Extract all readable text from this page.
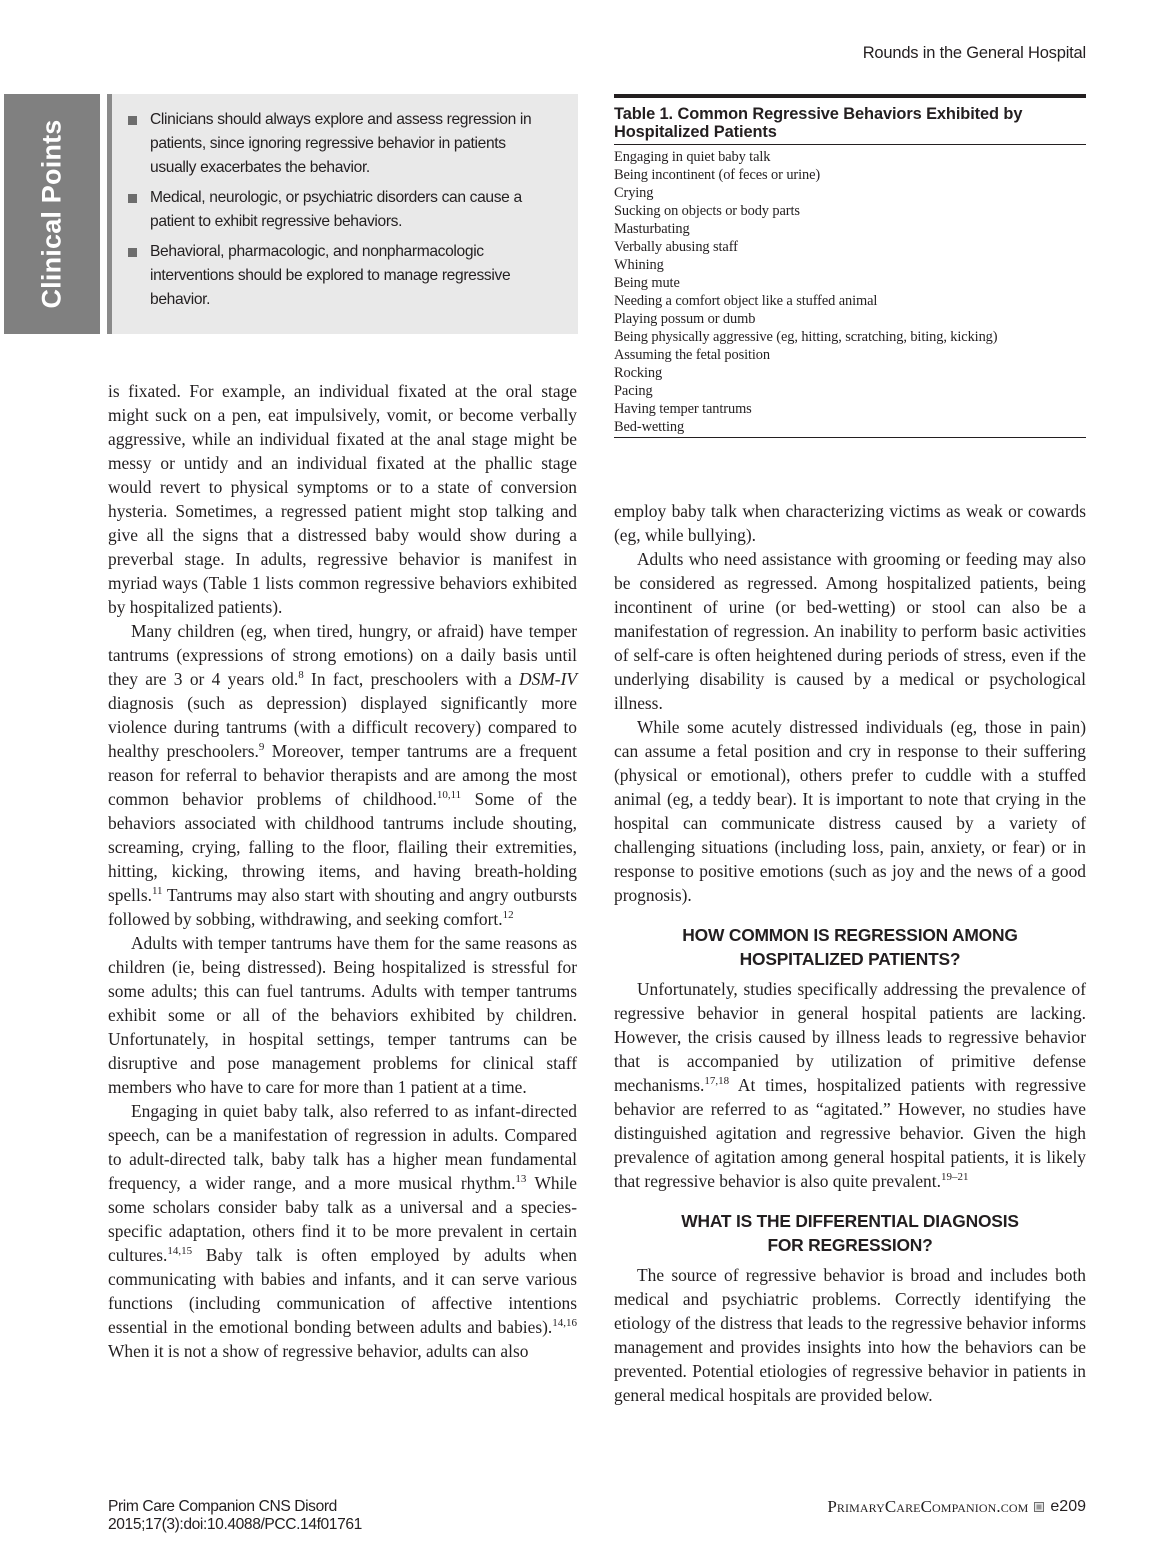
Rounds in the General Hospital
Clinical Points	Clinicians should always explore and assess regression in patients, since ignoring regressive behavior in patients usually exacerbates the behavior.
Medical, neurologic, or psychiatric disorders can cause a patient to exhibit regressive behaviors.
Behavioral, pharmacologic, and nonpharmacologic interventions should be explored to manage regressive behavior.
Table 1. Common Regressive Behaviors Exhibited by Hospitalized Patients
Engaging in quiet baby talk
Being incontinent (of feces or urine)
Crying
Sucking on objects or body parts
Masturbating
Verbally abusing staff
Whining
Being mute
Needing a comfort object like a stuffed animal
Playing possum or dumb
Being physically aggressive (eg, hitting, scratching, biting, kicking)
Assuming the fetal position
Rocking
Pacing
Having temper tantrums
Bed-wetting

is fixated. For example, an individual fixated at the oral stage might suck on a pen, eat impulsively, vomit, or become verbally aggressive, while an individual fixated at the anal stage might be messy or untidy and an individual fixated at the phallic stage would revert to physical symptoms or to a state of conversion hysteria. Sometimes, a regressed patient might stop talking and give all the signs that a distressed baby would show during a preverbal stage. In adults, regressive behavior is manifest in myriad ways (Table 1 lists common regressive behaviors exhibited by hospitalized patients).

Many children (eg, when tired, hungry, or afraid) have temper tantrums (expressions of strong emotions) on a daily basis until they are 3 or 4 years old.$^8$ In fact, preschoolers with a DSM-IV diagnosis (such as depression) displayed significantly more violence during tantrums (with a difficult recovery) compared to healthy preschoolers.$^9$ Moreover, temper tantrums are a frequent reason for referral to behavior therapists and are among the most common behavior problems of childhood.$^{10,11}$ Some of the behaviors associated with childhood tantrums include shouting, screaming, crying, falling to the floor, flailing their extremities, hitting, kicking, throwing items, and having breath-holding spells.$^{11}$ Tantrums may also start with shouting and angry outbursts followed by sobbing, withdrawing, and seeking comfort.$^{12}$

Adults with temper tantrums have them for the same reasons as children (ie, being distressed). Being hospitalized is stressful for some adults; this can fuel tantrums. Adults with temper tantrums exhibit some or all of the behaviors exhibited by children. Unfortunately, in hospital settings, temper tantrums can be disruptive and pose management problems for clinical staff members who have to care for more than 1 patient at a time.

Engaging in quiet baby talk, also referred to as infant-directed speech, can be a manifestation of regression in adults. Compared to adult-directed talk, baby talk has a higher mean fundamental frequency, a wider range, and a more musical rhythm.$^{13}$ While some scholars consider baby talk as a universal and a species-specific adaptation, others find it to be more prevalent in certain cultures.$^{14,15}$ Baby talk is often employed by adults when communicating with babies and infants, and it can serve various functions (including communication of affective intentions essential in the emotional bonding between adults and babies).$^{14,16}$ When it is not a show of regressive behavior, adults can also

employ baby talk when characterizing victims as weak or cowards (eg, while bullying).

Adults who need assistance with grooming or feeding may also be considered as regressed. Among hospitalized patients, being incontinent of urine (or bed-wetting) or stool can also be a manifestation of regression. An inability to perform basic activities of self-care is often heightened during periods of stress, even if the underlying disability is caused by a medical or psychological illness.

While some acutely distressed individuals (eg, those in pain) can assume a fetal position and cry in response to their suffering (physical or emotional), others prefer to cuddle with a stuffed animal (eg, a teddy bear). It is important to note that crying in the hospital can communicate distress caused by a variety of challenging situations (including loss, pain, anxiety, or fear) or in response to positive emotions (such as joy and the news of a good prognosis).

HOW COMMON IS REGRESSION AMONG
HOSPITALIZED PATIENTS?

Unfortunately, studies specifically addressing the prevalence of regressive behavior in general hospital patients are lacking. However, the crisis caused by illness leads to regressive behavior that is accompanied by utilization of primitive defense mechanisms.$^{17,18}$ At times, hospitalized patients with regressive behavior are referred to as “agitated.” However, no studies have distinguished agitation and regressive behavior. Given the high prevalence of agitation among general hospital patients, it is likely that regressive behavior is also quite prevalent.$^{19-21}$

WHAT IS THE DIFFERENTIAL DIAGNOSIS
FOR REGRESSION?

The source of regressive behavior is broad and includes both medical and psychiatric problems. Correctly identifying the etiology of the distress that leads to the regressive behavior informs management and provides insights into how the behaviors can be prevented. Potential etiologies of regressive behavior in patients in general medical hospitals are provided below.

Prim Care Companion CNS Disord
2015;17(3):doi:10.4088/PCC.14f01761
PrimaryCareCompanion.com e209
